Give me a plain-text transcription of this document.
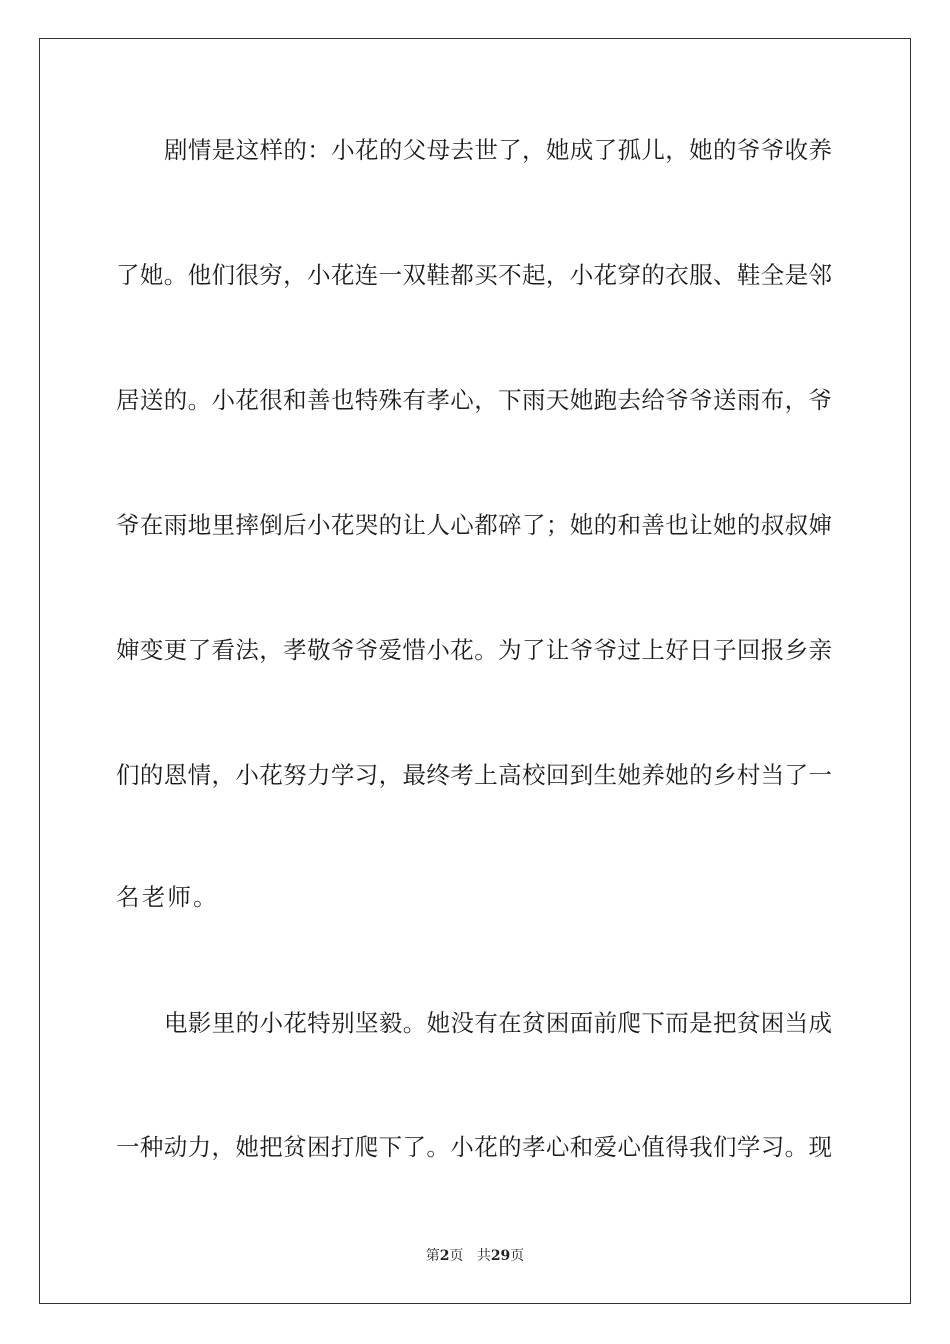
剧情是这样的：小花的父母去世了，她成了孤儿，她的爷爷收养
了她。他们很穷，小花连一双鞋都买不起，小花穿的衣服、鞋全是邻
居送的。小花很和善也特殊有孝心，下雨天她跑去给爷爷送雨布，爷
爷在雨地里摔倒后小花哭的让人心都碎了；她的和善也让她的叔叔婶
婶变更了看法，孝敬爷爷爱惜小花。为了让爷爷过上好日子回报乡亲
们的恩情，小花努力学习，最终考上高校回到生她养她的乡村当了一
名老师。
电影里的小花特别坚毅。她没有在贫困面前爬下而是把贫困当成
一种动力，她把贫困打爬下了。小花的孝心和爱心值得我们学习。现
第2页 共29页
